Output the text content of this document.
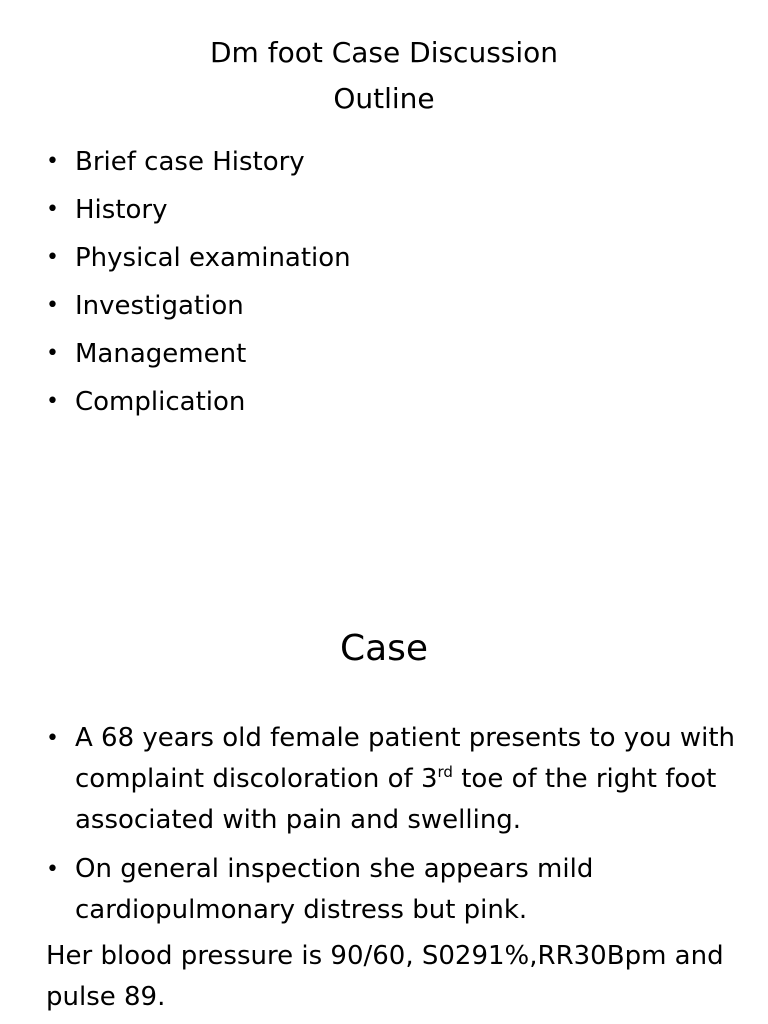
Dm foot Case Discussion
Outline
• Brief case History
• History
• Physical examination
• Investigation
• Management
• Complication
Case
• A 68 years old female patient presents to you with complaint discoloration of 3rd toe of the right foot associated with pain and swelling.
• On general inspection she appears mild cardiopulmonary distress but pink.

Her blood pressure is 90/60, S0291%,RR30Bpm and pulse 89.
